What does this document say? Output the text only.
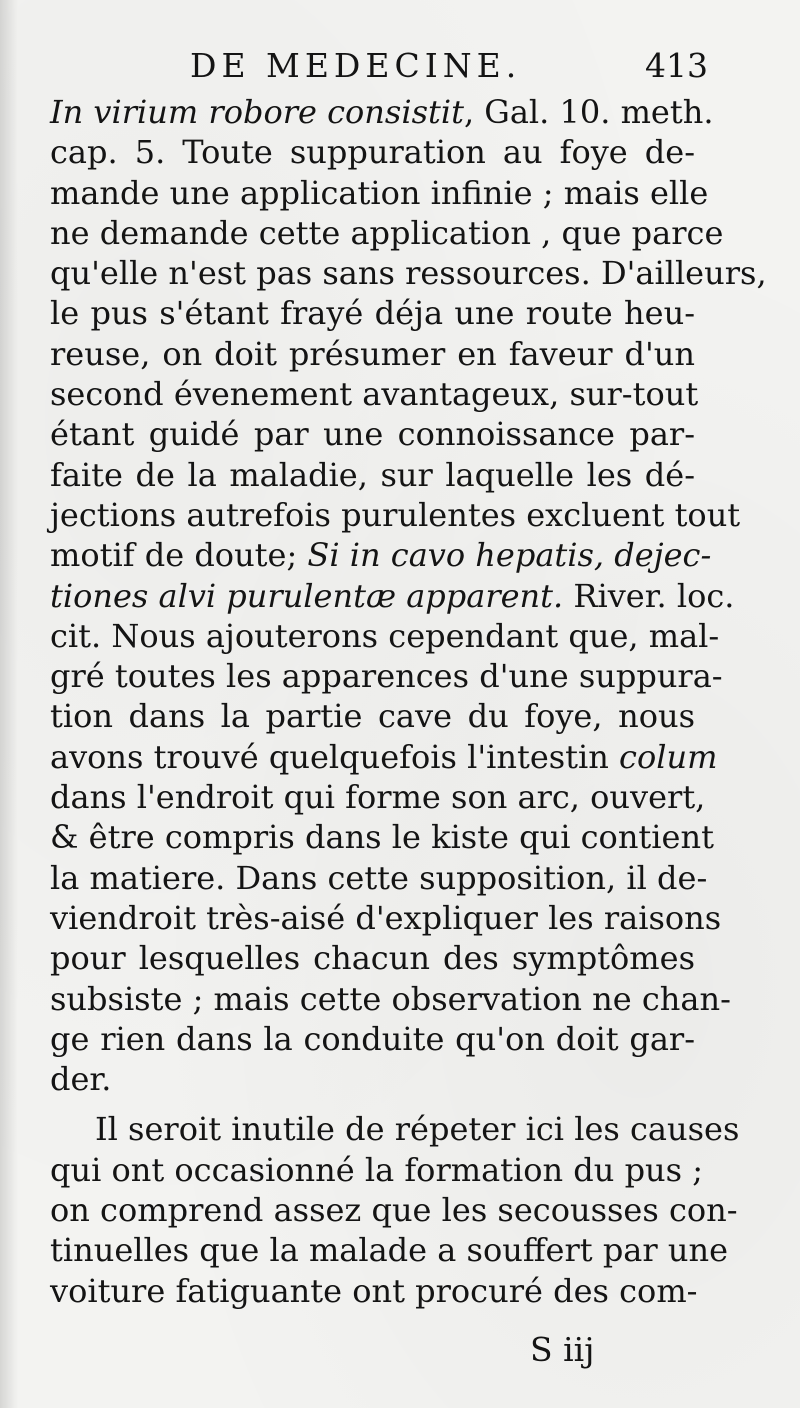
DE MEDECINE.	413
In virium robore consistit, Gal. 10. meth.
cap. 5. Toute suppuration au foye de-
mande une application infinie ; mais elle
ne demande cette application , que parce
qu'elle n'est pas sans ressources. D'ailleurs,
le pus s'étant frayé déja une route heu-
reuse, on doit présumer en faveur d'un
second évenement avantageux, sur-tout
étant guidé par une connoissance par-
faite de la maladie, sur laquelle les dé-
jections autrefois purulentes excluent tout
motif de doute; Si in cavo hepatis, dejec-
tiones alvi purulentæ apparent. River. loc.
cit. Nous ajouterons cependant que, mal-
gré toutes les apparences d'une suppura-
tion dans la partie cave du foye, nous
avons trouvé quelquefois l'intestin colum
dans l'endroit qui forme son arc, ouvert,
& être compris dans le kiste qui contient
la matiere. Dans cette supposition, il de-
viendroit très-aisé d'expliquer les raisons
pour lesquelles chacun des symptômes
subsiste ; mais cette observation ne chan-
ge rien dans la conduite qu'on doit gar-
der.
Il seroit inutile de répeter ici les causes
qui ont occasionné la formation du pus ;
on comprend assez que les secousses con-
tinuelles que la malade a souffert par une
voiture fatiguante ont procuré des com-
S iij
